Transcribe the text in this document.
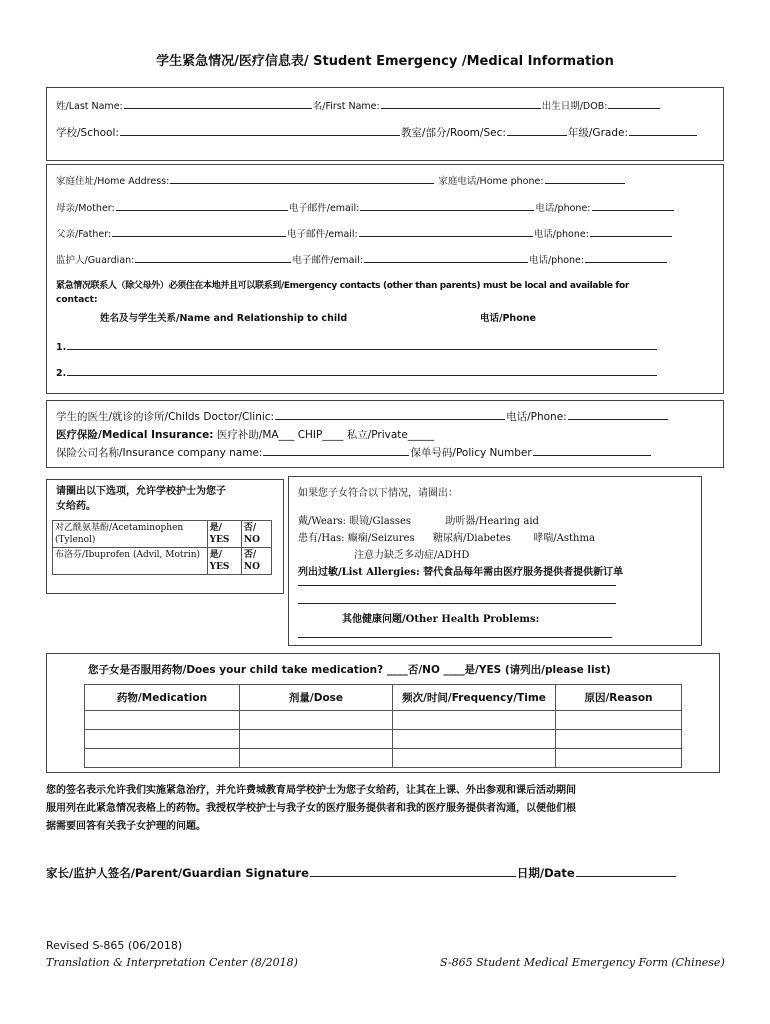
学生紧急情况/医疗信息表/ Student Emergency /Medical Information
姓/Last Name:	名/First Name:	出生日期/DOB:
学校/School:	教室/部分/Room/Sec:	年级/Grade:
家庭住址/Home Address:	家庭电话/Home phone:
母亲/Mother:	电子邮件/email:	电话/phone:
父亲/Father:	电子邮件/email:	电话/phone:
监护人/Guardian:	电子邮件/email:	电话/phone:
紧急情况联系人（除父母外）必须住在本地并且可以联系到/Emergency contacts (other than parents) must be local and available for
contact:
姓名及与学生关系/Name and Relationship to child	电话/Phone
1.
2.
学生的医生/就诊的诊所/Childs Doctor/Clinic:	电话/Phone:
医疗保险/Medical Insurance: 医疗补助/MA___ CHIP____ 私立/Private_____
保险公司名称/Insurance company name:	保单号码/Policy Number
请圈出以下选项，允许学校护士为您子
女给药。
对乙酰氨基酚/Acetaminophen (Tylenol)	是/ YES	否/ NO
布洛芬/Ibuprofen (Advil, Motrin)	是/ YES	否/ NO
如果您子女符合以下情况，请圈出：
戴/Wears: 眼镜/Glasses	助听器/Hearing aid
患有/Has: 癫痫/Seizures 糖尿病/Diabetes 哮喘/Asthma
注意力缺乏多动症/ADHD
列出过敏/List Allergies: 替代食品每年需由医疗服务提供者提供新订单
其他健康问题/Other Health Problems:
您子女是否服用药物/Does your child take medication? ____否/NO ____是/YES (请列出/please list)
药物/Medication	剂量/Dose	频次/时间/Frequency/Time	原因/Reason

您的签名表示允许我们实施紧急治疗，并允许费城教育局学校护士为您子女给药，让其在上课、外出参观和课后活动期间
服用列在此紧急情况表格上的药物。我授权学校护士与我子女的医疗服务提供者和我的医疗服务提供者沟通，以便他们根
据需要回答有关我子女护理的问题。
家长/监护人签名/Parent/Guardian Signature	日期/Date
Revised S-865 (06/2018)
Translation & Interpretation Center (8/2018)	S-865 Student Medical Emergency Form (Chinese)
